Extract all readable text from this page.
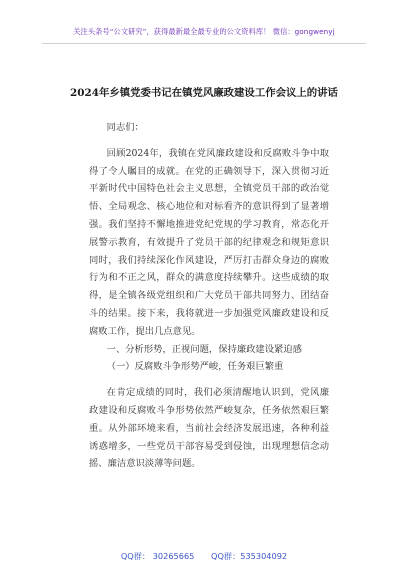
关注头条号“公文研究”，获得最新最全最专业的公文资料库！ 微信：gongwenyj
2024年乡镇党委书记在镇党风廉政建设工作会议上的讲话

同志们：

回顾2024年，我镇在党风廉政建设和反腐败斗争中取得了令人瞩目的成就。在党的正确领导下，深入贯彻习近平新时代中国特色社会主义思想，全镇党员干部的政治觉悟、全局观念、核心地位和对标看齐的意识得到了显著增强。我们坚持不懈地推进党纪党规的学习教育，常态化开展警示教育，有效提升了党员干部的纪律观念和规矩意识同时，我们持续深化作风建设，严厉打击群众身边的腐败行为和不正之风，群众的满意度持续攀升。这些成绩的取得，是全镇各级党组织和广大党员干部共同努力、团结奋斗的结果。接下来，我将就进一步加强党风廉政建设和反腐败工作，提出几点意见。

一、分析形势，正视问题，保持廉政建设紧迫感

（一）反腐败斗争形势严峻，任务艰巨繁重

在肯定成绩的同时，我们必须清醒地认识到，党风廉政建设和反腐败斗争形势依然严峻复杂，任务依然艰巨繁重。从外部环境来看，当前社会经济发展迅速，各种利益诱惑增多，一些党员干部容易受到侵蚀，出现理想信念动摇、廉洁意识淡薄等问题。

QQ群： 30265665 QQ群：535304092
